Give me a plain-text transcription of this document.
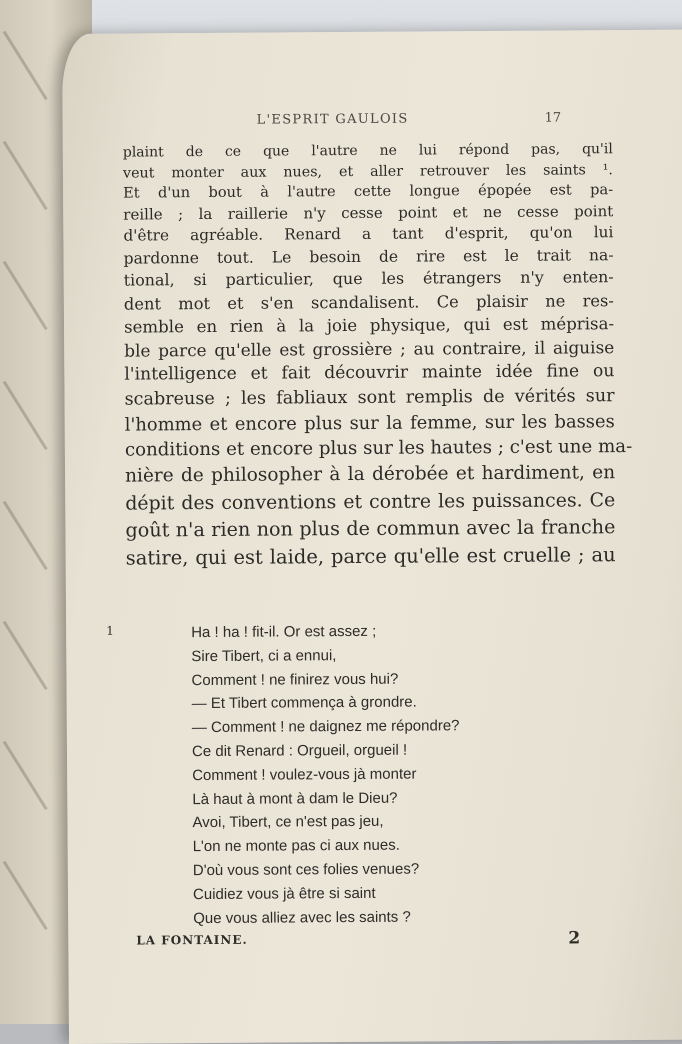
L'ESPRIT GAULOIS	17
plaint de ce que l'autre ne lui répond pas, qu'il
veut monter aux nues, et aller retrouver les saints ¹.
Et d'un bout à l'autre cette longue épopée est pa-
reille ; la raillerie n'y cesse point et ne cesse point
d'être agréable. Renard a tant d'esprit, qu'on lui
pardonne tout. Le besoin de rire est le trait na-
tional, si particulier, que les étrangers n'y enten-
dent mot et s'en scandalisent. Ce plaisir ne res-
semble en rien à la joie physique, qui est méprisa-
ble parce qu'elle est grossière ; au contraire, il aiguise
l'intelligence et fait découvrir mainte idée fine ou
scabreuse ; les fabliaux sont remplis de vérités sur
l'homme et encore plus sur la femme, sur les basses
conditions et encore plus sur les hautes ; c'est une ma-
nière de philosopher à la dérobée et hardiment, en
dépit des conventions et contre les puissances. Ce
goût n'a rien non plus de commun avec la franche
satire, qui est laide, parce qu'elle est cruelle ; au
1	Ha ! ha ! fit-il. Or est assez ;
Sire Tibert, ci a ennui,
Comment ! ne finirez vous hui?
— Et Tibert commença à grondre.
— Comment ! ne daignez me répondre?
Ce dit Renard : Orgueil, orgueil !
Comment ! voulez-vous jà monter
Là haut à mont à dam le Dieu?
Avoi, Tibert, ce n'est pas jeu,
L'on ne monte pas ci aux nues.
D'où vous sont ces folies venues?
Cuidiez vous jà être si saint
Que vous alliez avec les saints ?
LA FONTAINE.	2
